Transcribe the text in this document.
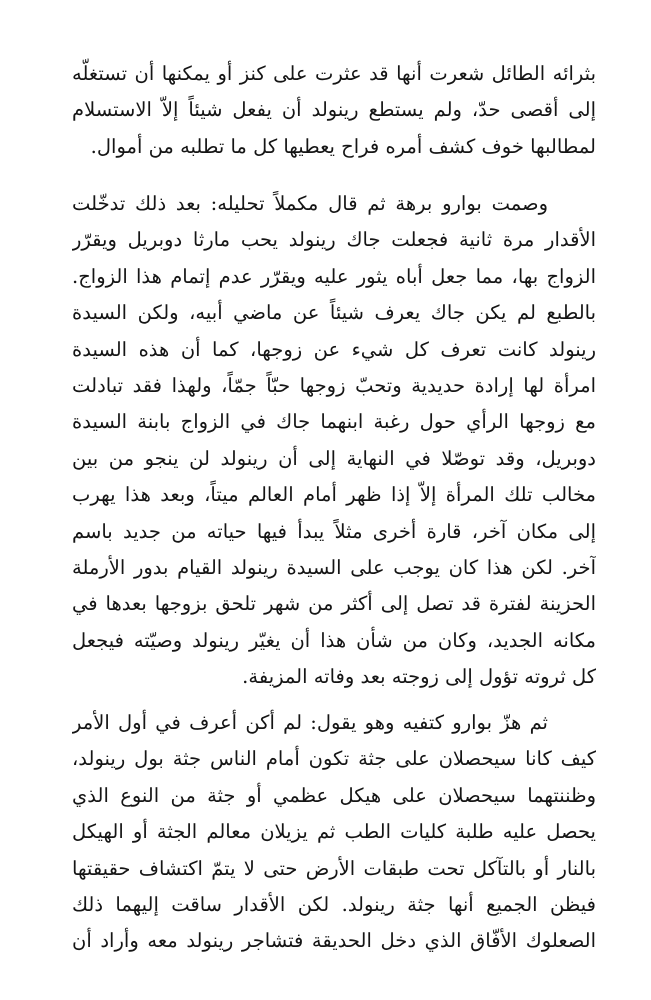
بثرائه الطائل شعرت أنها قد عثرت على كنز أو يمكنها أن تستغلّه
إلى أقصى حدّ، ولم يستطع رينولد أن يفعل شيئاً إلاّ الاستسلام
لمطالبها خوف كشف أمره فراح يعطيها كل ما تطلبه من أموال.
وصمت بوارو برهة ثم قال مكملاً تحليله: بعد ذلك تدخّلت
الأقدار مرة ثانية فجعلت جاك رينولد يحب مارثا دوبريل ويقرّر
الزواج بها، مما جعل أباه يثور عليه ويقرّر عدم إتمام هذا الزواج.
بالطبع لم يكن جاك يعرف شيئاً عن ماضي أبيه، ولكن السيدة
رينولد كانت تعرف كل شيء عن زوجها، كما أن هذه السيدة
امرأة لها إرادة حديدية وتحبّ زوجها حبّاً جمّاً، ولهذا فقد تبادلت
مع زوجها الرأي حول رغبة ابنهما جاك في الزواج بابنة السيدة
دوبريل، وقد توصّلا في النهاية إلى أن رينولد لن ينجو من بين
مخالب تلك المرأة إلاّ إذا ظهر أمام العالم ميتاً، وبعد هذا يهرب
إلى مكان آخر، قارة أخرى مثلاً يبدأ فيها حياته من جديد باسم
آخر. لكن هذا كان يوجب على السيدة رينولد القيام بدور الأرملة
الحزينة لفترة قد تصل إلى أكثر من شهر تلحق بزوجها بعدها في
مكانه الجديد، وكان من شأن هذا أن يغيّر رينولد وصيّته فيجعل
كل ثروته تؤول إلى زوجته بعد وفاته المزيفة.
ثم هزّ بوارو كتفيه وهو يقول: لم أكن أعرف في أول الأمر
كيف كانا سيحصلان على جثة تكون أمام الناس جثة بول رينولد،
وظننتهما سيحصلان على هيكل عظمي أو جثة من النوع الذي
يحصل عليه طلبة كليات الطب ثم يزيلان معالم الجثة أو الهيكل
بالنار أو بالتآكل تحت طبقات الأرض حتى لا يتمّ اكتشاف حقيقتها
فيظن الجميع أنها جثة رينولد. لكن الأقدار ساقت إليهما ذلك
الصعلوك الأفّاق الذي دخل الحديقة فتشاجر رينولد معه وأراد أن
